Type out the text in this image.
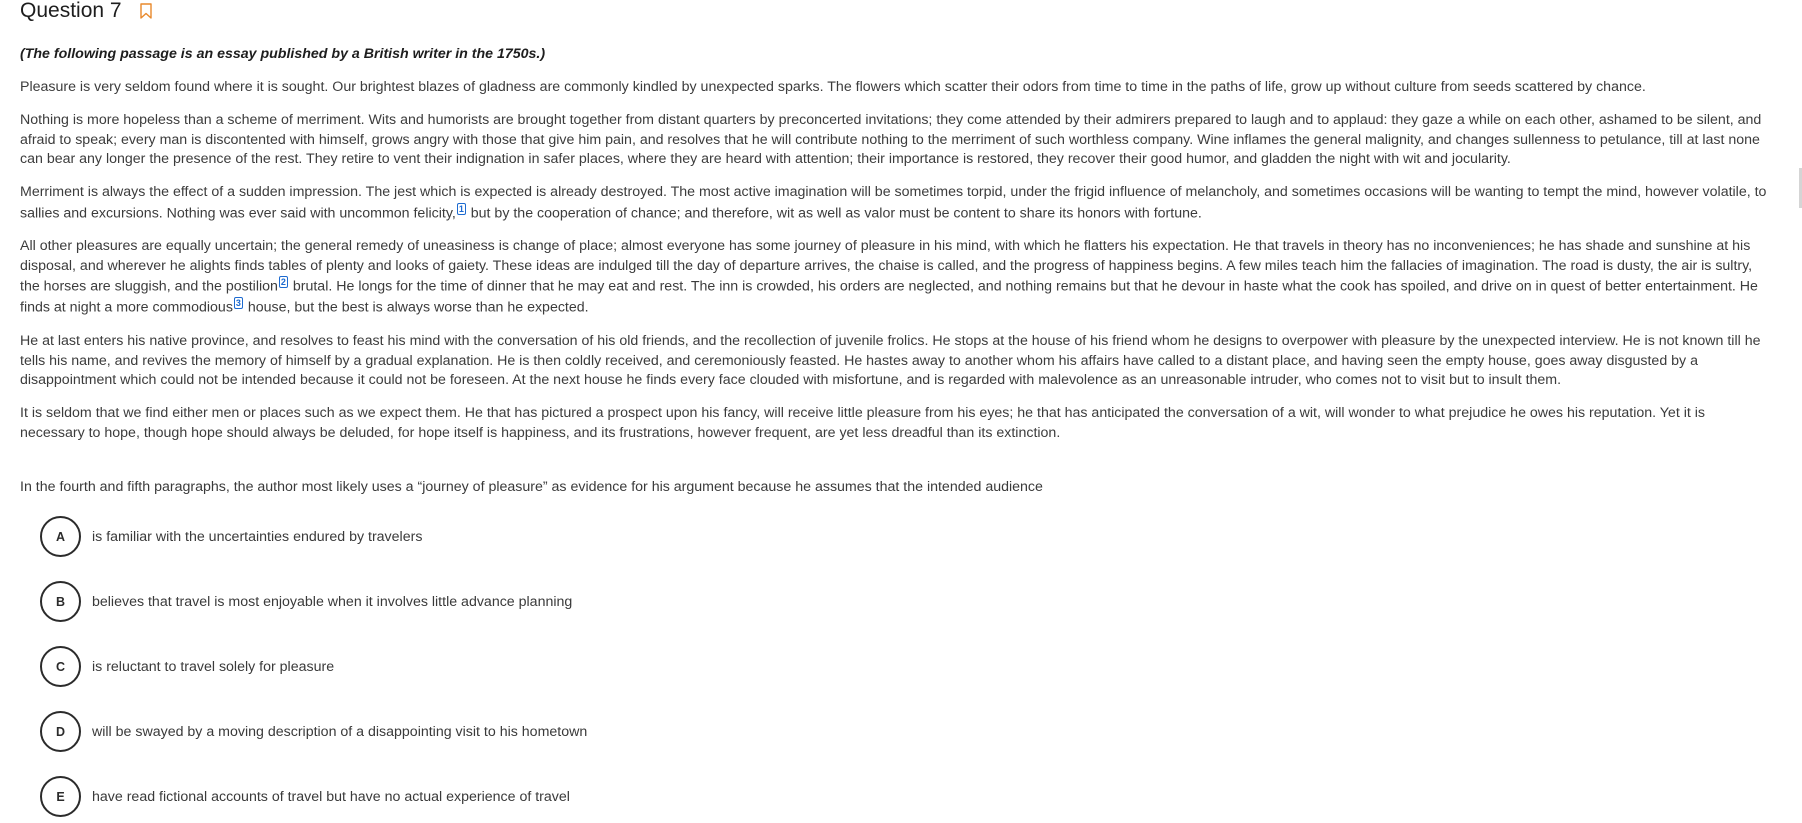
Question 7
(The following passage is an essay published by a British writer in the 1750s.)

Pleasure is very seldom found where it is sought. Our brightest blazes of gladness are commonly kindled by unexpected sparks. The flowers which scatter their odors from time to time in the paths of life, grow up without culture from seeds scattered by chance.

Nothing is more hopeless than a scheme of merriment. Wits and humorists are brought together from distant quarters by preconcerted invitations; they come attended by their admirers prepared to laugh and to applaud: they gaze a while on each other, ashamed to be silent, and afraid to speak; every man is discontented with himself, grows angry with those that give him pain, and resolves that he will contribute nothing to the merriment of such worthless company. Wine inflames the general malignity, and changes sullenness to petulance, till at last none can bear any longer the presence of the rest. They retire to vent their indignation in safer places, where they are heard with attention; their importance is restored, they recover their good humor, and gladden the night with wit and jocularity.

Merriment is always the effect of a sudden impression. The jest which is expected is already destroyed. The most active imagination will be sometimes torpid, under the frigid influence of melancholy, and sometimes occasions will be wanting to tempt the mind, however volatile, to sallies and excursions. Nothing was ever said with uncommon felicity, 1 but by the cooperation of chance; and therefore, wit as well as valor must be content to share its honors with fortune.

All other pleasures are equally uncertain; the general remedy of uneasiness is change of place; almost everyone has some journey of pleasure in his mind, with which he flatters his expectation. He that travels in theory has no inconveniences; he has shade and sunshine at his disposal, and wherever he alights finds tables of plenty and looks of gaiety. These ideas are indulged till the day of departure arrives, the chaise is called, and the progress of happiness begins. A few miles teach him the fallacies of imagination. The road is dusty, the air is sultry, the horses are sluggish, and the postilion 2 brutal. He longs for the time of dinner that he may eat and rest. The inn is crowded, his orders are neglected, and nothing remains but that he devour in haste what the cook has spoiled, and drive on in quest of better entertainment. He finds at night a more commodious 3 house, but the best is always worse than he expected.

He at last enters his native province, and resolves to feast his mind with the conversation of his old friends, and the recollection of juvenile frolics. He stops at the house of his friend whom he designs to overpower with pleasure by the unexpected interview. He is not known till he tells his name, and revives the memory of himself by a gradual explanation. He is then coldly received, and ceremoniously feasted. He hastes away to another whom his affairs have called to a distant place, and having seen the empty house, goes away disgusted by a disappointment which could not be intended because it could not be foreseen. At the next house he finds every face clouded with misfortune, and is regarded with malevolence as an unreasonable intruder, who comes not to visit but to insult them.

It is seldom that we find either men or places such as we expect them. He that has pictured a prospect upon his fancy, will receive little pleasure from his eyes; he that has anticipated the conversation of a wit, will wonder to what prejudice he owes his reputation. Yet it is necessary to hope, though hope should always be deluded, for hope itself is happiness, and its frustrations, however frequent, are yet less dreadful than its extinction.

In the fourth and fifth paragraphs, the author most likely uses a “journey of pleasure” as evidence for his argument because he assumes that the intended audience
A	is familiar with the uncertainties endured by travelers
B	believes that travel is most enjoyable when it involves little advance planning
C	is reluctant to travel solely for pleasure
D	will be swayed by a moving description of a disappointing visit to his hometown
E	have read fictional accounts of travel but have no actual experience of travel
